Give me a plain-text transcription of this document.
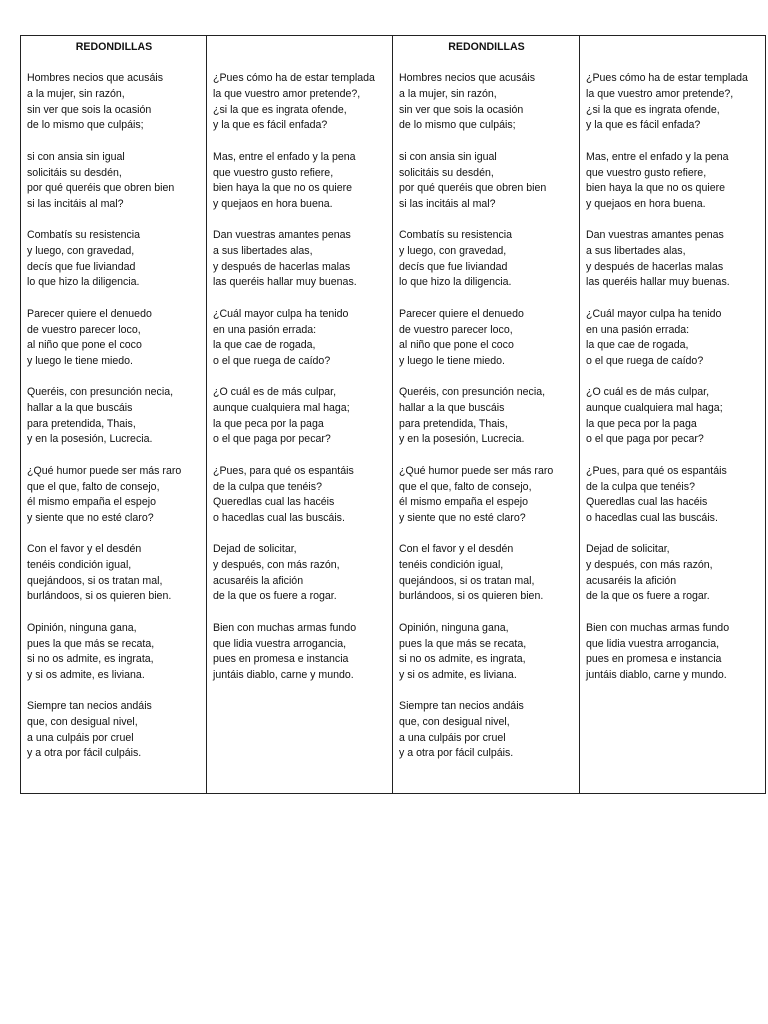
REDONDILLAS
Hombres necios que acusáis
a la mujer, sin razón,
sin ver que sois la ocasión
de lo mismo que culpáis;
si con ansia sin igual
solicitáis su desdén,
por qué queréis que obren bien
si las incitáis al mal?
Combatís su resistencia
y luego, con gravedad,
decís que fue liviandad
lo que hizo la diligencia.
Parecer quiere el denuedo
de vuestro parecer loco,
al niño que pone el coco
y luego le tiene miedo.
Queréis, con presunción necia,
hallar a la que buscáis
para pretendida, Thais,
y en la posesión, Lucrecia.
¿Qué humor puede ser más raro
que el que, falto de consejo,
él mismo empaña el espejo
y siente que no esté claro?
Con el favor y el desdén
tenéis condición igual,
quejándoos, si os tratan mal,
burlándoos, si os quieren bien.
Opinión, ninguna gana,
pues la que más se recata,
si no os admite, es ingrata,
y si os admite, es liviana.
Siempre tan necios andáis
que, con desigual nivel,
a una culpáis por cruel
y a otra por fácil culpáis.

¿Pues cómo ha de estar templada
la que vuestro amor pretende?,
¿si la que es ingrata ofende,
y la que es fácil enfada?
Mas, entre el enfado y la pena
que vuestro gusto refiere,
bien haya la que no os quiere
y quejaos en hora buena.
Dan vuestras amantes penas
a sus libertades alas,
y después de hacerlas malas
las queréis hallar muy buenas.
¿Cuál mayor culpa ha tenido
en una pasión errada:
la que cae de rogada,
o el que ruega de caído?
¿O cuál es de más culpar,
aunque cualquiera mal haga;
la que peca por la paga
o el que paga por pecar?
¿Pues, para qué os espantáis
de la culpa que tenéis?
Queredlas cual las hacéis
o hacedlas cual las buscáis.
Dejad de solicitar,
y después, con más razón,
acusaréis la afición
de la que os fuere a rogar.
Bien con muchas armas fundo
que lidia vuestra arrogancia,
pues en promesa e instancia
juntáis diablo, carne y mundo.

REDONDILLAS
Hombres necios que acusáis
a la mujer, sin razón,
sin ver que sois la ocasión
de lo mismo que culpáis;
si con ansia sin igual
solicitáis su desdén,
por qué queréis que obren bien
si las incitáis al mal?
Combatís su resistencia
y luego, con gravedad,
decís que fue liviandad
lo que hizo la diligencia.
Parecer quiere el denuedo
de vuestro parecer loco,
al niño que pone el coco
y luego le tiene miedo.
Queréis, con presunción necia,
hallar a la que buscáis
para pretendida, Thais,
y en la posesión, Lucrecia.
¿Qué humor puede ser más raro
que el que, falto de consejo,
él mismo empaña el espejo
y siente que no esté claro?
Con el favor y el desdén
tenéis condición igual,
quejándoos, si os tratan mal,
burlándoos, si os quieren bien.
Opinión, ninguna gana,
pues la que más se recata,
si no os admite, es ingrata,
y si os admite, es liviana.
Siempre tan necios andáis
que, con desigual nivel,
a una culpáis por cruel
y a otra por fácil culpáis.

¿Pues cómo ha de estar templada
la que vuestro amor pretende?,
¿si la que es ingrata ofende,
y la que es fácil enfada?
Mas, entre el enfado y la pena
que vuestro gusto refiere,
bien haya la que no os quiere
y quejaos en hora buena.
Dan vuestras amantes penas
a sus libertades alas,
y después de hacerlas malas
las queréis hallar muy buenas.
¿Cuál mayor culpa ha tenido
en una pasión errada:
la que cae de rogada,
o el que ruega de caído?
¿O cuál es de más culpar,
aunque cualquiera mal haga;
la que peca por la paga
o el que paga por pecar?
¿Pues, para qué os espantáis
de la culpa que tenéis?
Queredlas cual las hacéis
o hacedlas cual las buscáis.
Dejad de solicitar,
y después, con más razón,
acusaréis la afición
de la que os fuere a rogar.
Bien con muchas armas fundo
que lidia vuestra arrogancia,
pues en promesa e instancia
juntáis diablo, carne y mundo.
